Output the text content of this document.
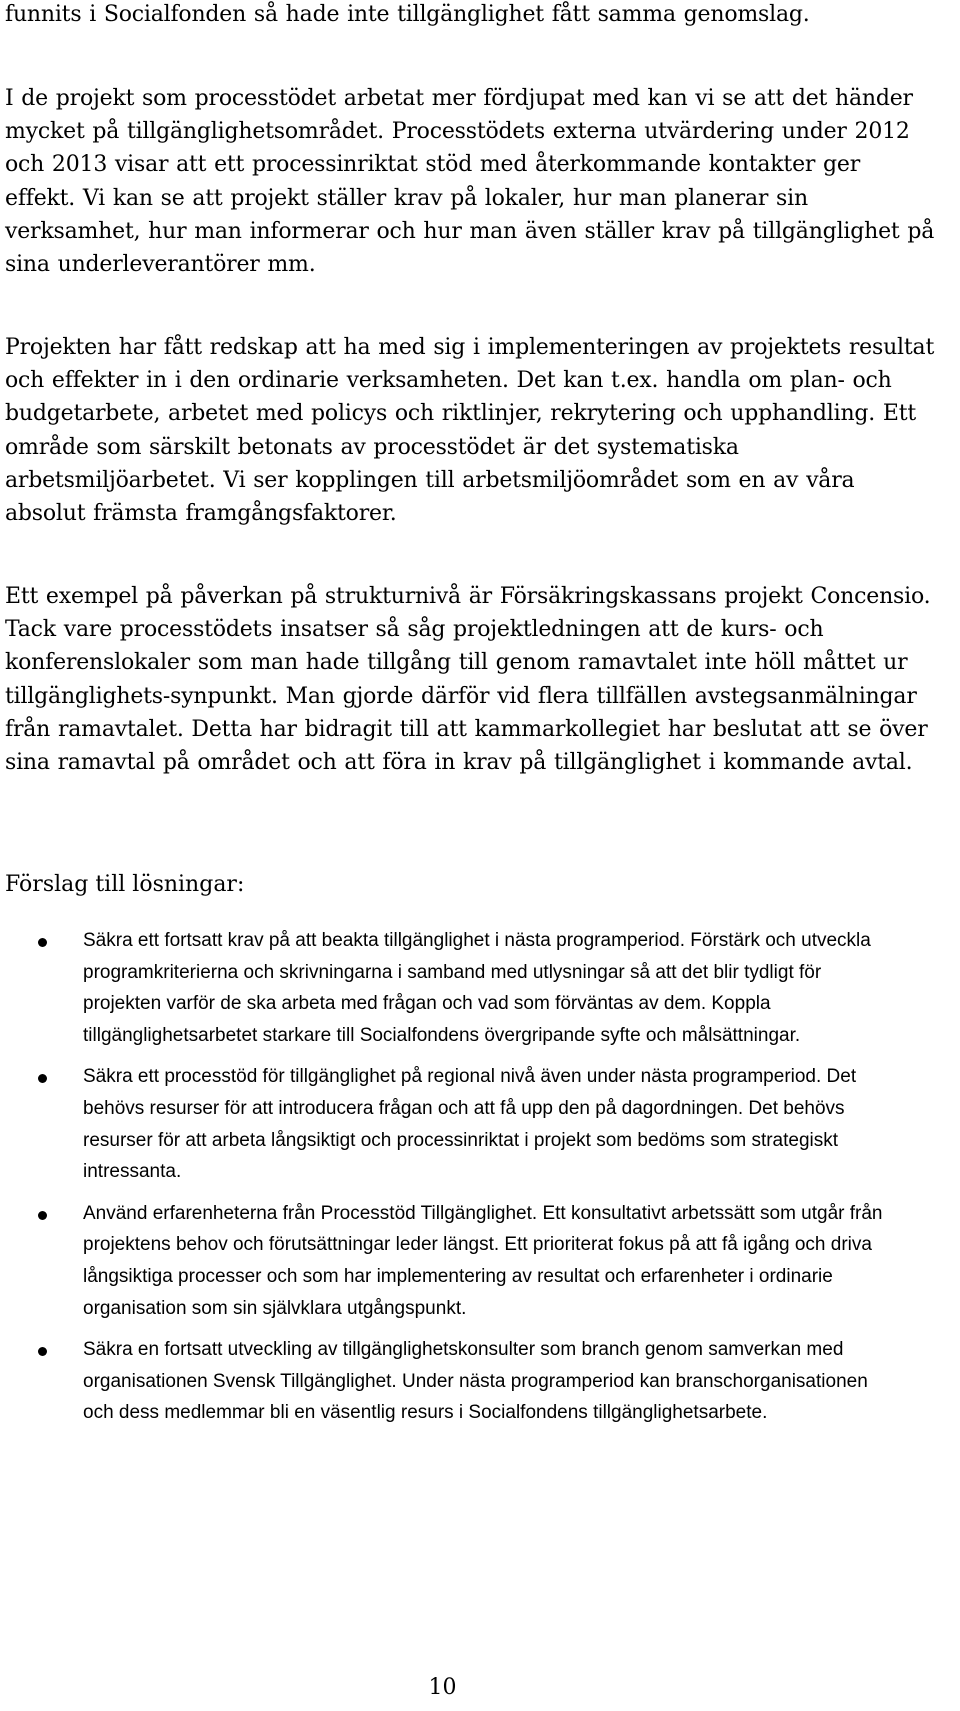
funnits i Socialfonden så hade inte tillgänglighet fått samma genomslag.

I de projekt som processtödet arbetat mer fördjupat med kan vi se att det händer mycket på tillgänglighetsområdet. Processtödets externa utvärdering under 2012 och 2013 visar att ett processinriktat stöd med återkommande kontakter ger effekt. Vi kan se att projekt ställer krav på lokaler, hur man planerar sin verksamhet, hur man informerar och hur man även ställer krav på tillgänglighet på sina underleverantörer mm.

Projekten har fått redskap att ha med sig i implementeringen av projektets resultat och effekter in i den ordinarie verksamheten. Det kan t.ex. handla om plan- och budgetarbete, arbetet med policys och riktlinjer, rekrytering och upphandling. Ett område som särskilt betonats av processtödet är det systematiska arbetsmiljöarbetet. Vi ser kopplingen till arbetsmiljöområdet som en av våra absolut främsta framgångsfaktorer.

Ett exempel på påverkan på strukturnivå är Försäkringskassans projekt Concensio. Tack vare processtödets insatser så såg projektledningen att de kurs- och konferenslokaler som man hade tillgång till genom ramavtalet inte höll måttet ur tillgänglighets-synpunkt. Man gjorde därför vid flera tillfällen avstegsanmälningar från ramavtalet. Detta har bidragit till att kammarkollegiet har beslutat att se över sina ramavtal på området och att föra in krav på tillgänglighet i kommande avtal.

Förslag till lösningar:
Säkra ett fortsatt krav på att beakta tillgänglighet i nästa programperiod. Förstärk och utveckla programkriterierna och skrivningarna i samband med utlysningar så att det blir tydligt för projekten varför de ska arbeta med frågan och vad som förväntas av dem. Koppla tillgänglighetsarbetet starkare till Socialfondens övergripande syfte och målsättningar.
Säkra ett processtöd för tillgänglighet på regional nivå även under nästa programperiod. Det behövs resurser för att introducera frågan och att få upp den på dagordningen. Det behövs resurser för att arbeta långsiktigt och processinriktat i projekt som bedöms som strategiskt intressanta.
Använd erfarenheterna från Processtöd Tillgänglighet. Ett konsultativt arbetssätt som utgår från projektens behov och förutsättningar leder längst. Ett prioriterat fokus på att få igång och driva långsiktiga processer och som har implementering av resultat och erfarenheter i ordinarie organisation som sin självklara utgångspunkt.
Säkra en fortsatt utveckling av tillgänglighetskonsulter som branch genom samverkan med organisationen Svensk Tillgänglighet. Under nästa programperiod kan branschorganisationen och dess medlemmar bli en väsentlig resurs i Socialfondens tillgänglighetsarbete.
10
